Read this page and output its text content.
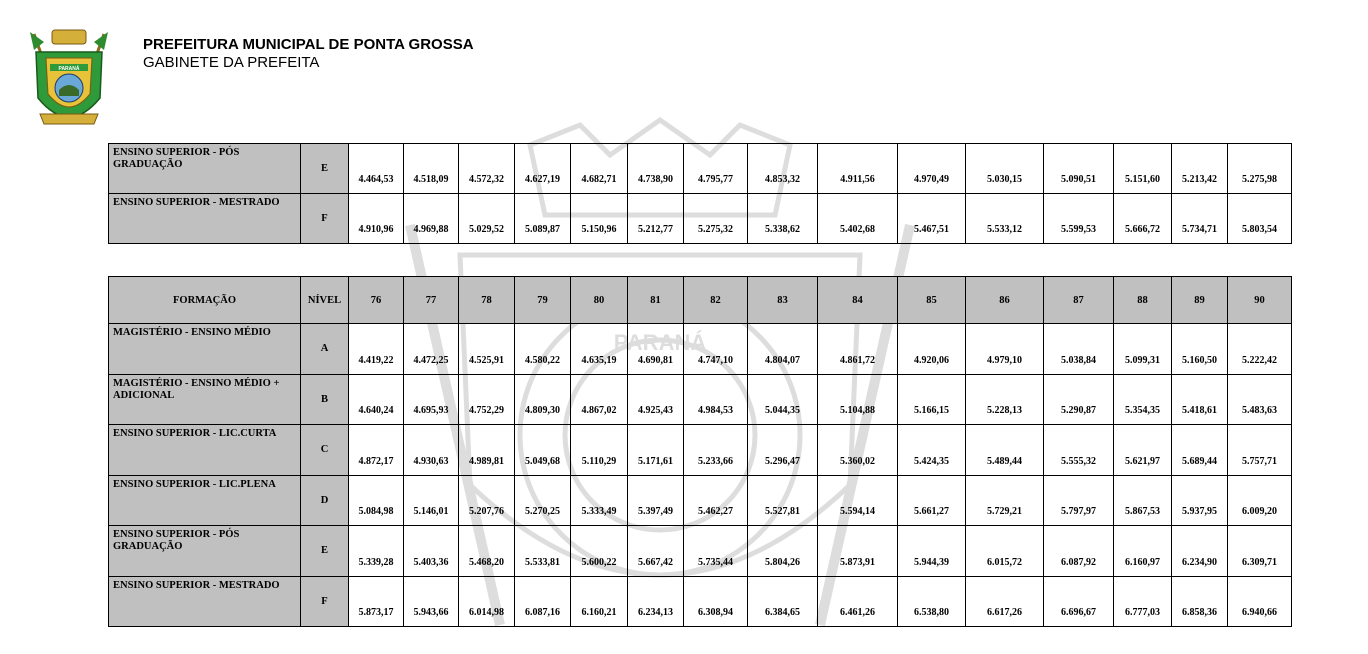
PARANÁ
PARANÁ
PREFEITURA MUNICIPAL DE PONTA GROSSA
GABINETE DA PREFEITA
ENSINO SUPERIOR - PÓS GRADUAÇÃO	E	4.464,53	4.518,09	4.572,32	4.627,19	4.682,71	4.738,90	4.795,77	4.853,32	4.911,56	4.970,49	5.030,15	5.090,51	5.151,60	5.213,42	5.275,98
ENSINO SUPERIOR - MESTRADO	F	4.910,96	4.969,88	5.029,52	5.089,87	5.150,96	5.212,77	5.275,32	5.338,62	5.402,68	5.467,51	5.533,12	5.599,53	5.666,72	5.734,71	5.803,54
FORMAÇÃO	NÍVEL	76	77	78	79	80	81	82	83	84	85	86	87	88	89	90
MAGISTÉRIO - ENSINO MÉDIO	A	4.419,22	4.472,25	4.525,91	4.580,22	4.635,19	4.690,81	4.747,10	4.804,07	4.861,72	4.920,06	4.979,10	5.038,84	5.099,31	5.160,50	5.222,42
MAGISTÉRIO - ENSINO MÉDIO + ADICIONAL	B	4.640,24	4.695,93	4.752,29	4.809,30	4.867,02	4.925,43	4.984,53	5.044,35	5.104,88	5.166,15	5.228,13	5.290,87	5.354,35	5.418,61	5.483,63
ENSINO SUPERIOR - LIC.CURTA	C	4.872,17	4.930,63	4.989,81	5.049,68	5.110,29	5.171,61	5.233,66	5.296,47	5.360,02	5.424,35	5.489,44	5.555,32	5.621,97	5.689,44	5.757,71
ENSINO SUPERIOR - LIC.PLENA	D	5.084,98	5.146,01	5.207,76	5.270,25	5.333,49	5.397,49	5.462,27	5.527,81	5.594,14	5.661,27	5.729,21	5.797,97	5.867,53	5.937,95	6.009,20
ENSINO SUPERIOR - PÓS GRADUAÇÃO	E	5.339,28	5.403,36	5.468,20	5.533,81	5.600,22	5.667,42	5.735,44	5.804,26	5.873,91	5.944,39	6.015,72	6.087,92	6.160,97	6.234,90	6.309,71
ENSINO SUPERIOR - MESTRADO	F	5.873,17	5.943,66	6.014,98	6.087,16	6.160,21	6.234,13	6.308,94	6.384,65	6.461,26	6.538,80	6.617,26	6.696,67	6.777,03	6.858,36	6.940,66
